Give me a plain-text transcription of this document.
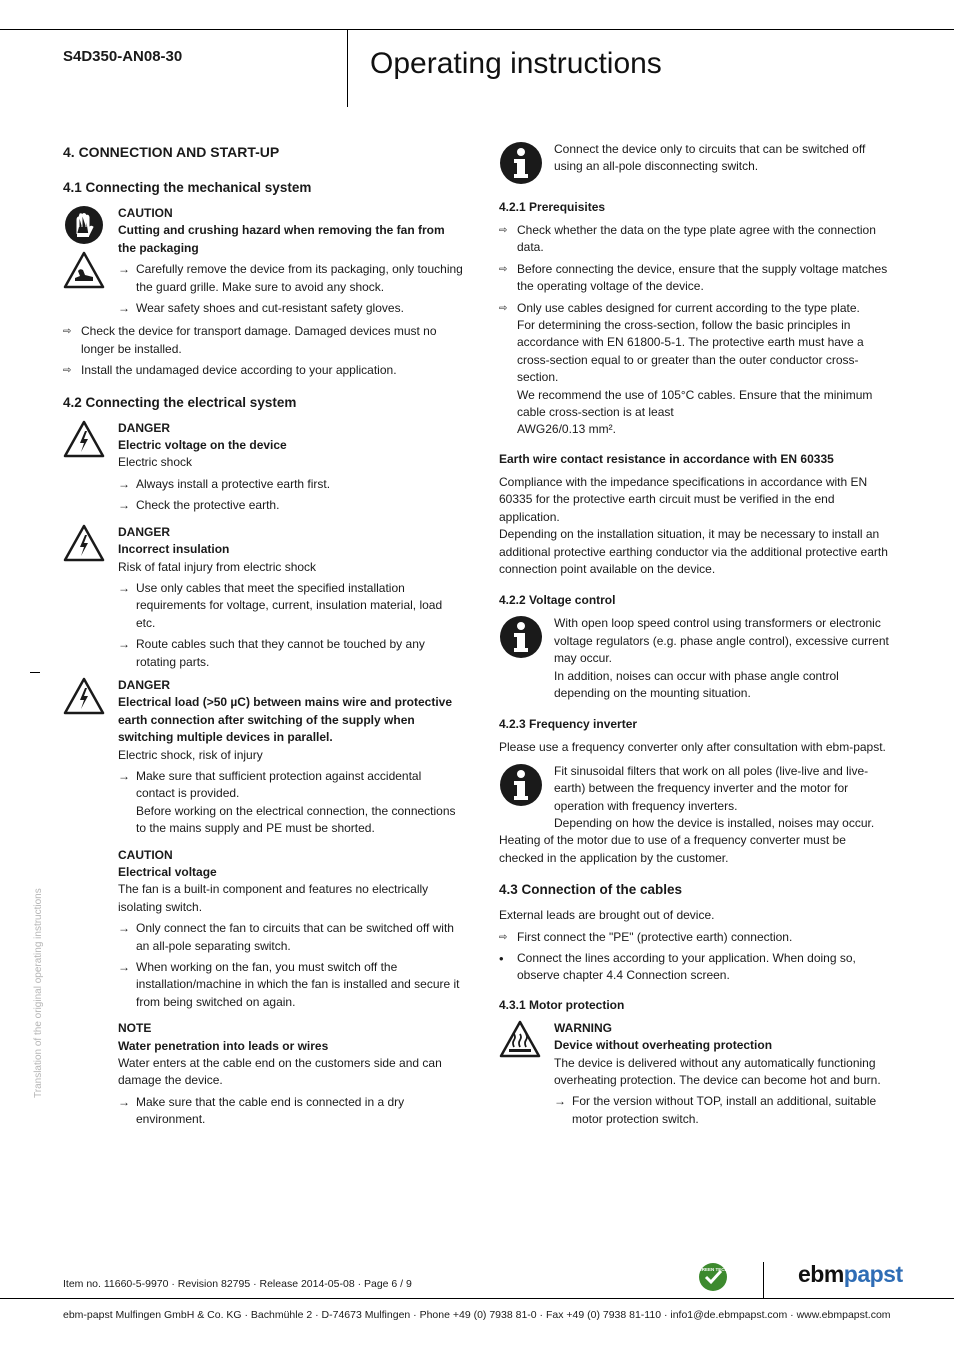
S4D350-AN08-30	Operating instructions
4. CONNECTION AND START-UP
4.1 Connecting the mechanical system
CAUTION
Cutting and crushing hazard when removing the fan from the packaging
→ Carefully remove the device from its packaging, only touching the guard grille. Make sure to avoid any shock.
→ Wear safety shoes and cut-resistant safety gloves.
⇨ Check the device for transport damage. Damaged devices must no longer be installed.
⇨ Install the undamaged device according to your application.
4.2 Connecting the electrical system
DANGER
Electric voltage on the device
Electric shock
→ Always install a protective earth first.
→ Check the protective earth.
DANGER
Incorrect insulation
Risk of fatal injury from electric shock
→ Use only cables that meet the specified installation requirements for voltage, current, insulation material, load etc.
→ Route cables such that they cannot be touched by any rotating parts.
DANGER
Electrical load (>50 µC) between mains wire and protective earth connection after switching of the supply when switching multiple devices in parallel.
Electric shock, risk of injury
→ Make sure that sufficient protection against accidental contact is provided.
Before working on the electrical connection, the connections to the mains supply and PE must be shorted.
CAUTION
Electrical voltage
The fan is a built-in component and features no electrically isolating switch.
→ Only connect the fan to circuits that can be switched off with an all-pole separating switch.
→ When working on the fan, you must switch off the installation/machine in which the fan is installed and secure it from being switched on again.
NOTE
Water penetration into leads or wires
Water enters at the cable end on the customers side and can damage the device.
→ Make sure that the cable end is connected in a dry environment.
Connect the device only to circuits that can be switched off using an all-pole disconnecting switch.
4.2.1 Prerequisites
⇨ Check whether the data on the type plate agree with the connection data.
⇨ Before connecting the device, ensure that the supply voltage matches the operating voltage of the device.
⇨ Only use cables designed for current according to the type plate.
For determining the cross-section, follow the basic principles in accordance with EN 61800-5-1. The protective earth must have a cross-section equal to or greater than the outer conductor cross-section.
We recommend the use of 105°C cables. Ensure that the minimum cable cross-section is at least
AWG26/0.13 mm².
Earth wire contact resistance in accordance with EN 60335
Compliance with the impedance specifications in accordance with EN 60335 for the protective earth circuit must be verified in the end application.
Depending on the installation situation, it may be necessary to install an additional protective earthing conductor via the additional protective earth connection point available on the device.
4.2.2 Voltage control
With open loop speed control using transformers or electronic voltage regulators (e.g. phase angle control), excessive current may occur.
In addition, noises can occur with phase angle control depending on the mounting situation.
4.2.3 Frequency inverter
Please use a frequency converter only after consultation with ebm-papst.
Fit sinusoidal filters that work on all poles (live-live and live-earth) between the frequency inverter and the motor for operation with frequency inverters.
Depending on how the device is installed, noises may occur.
Heating of the motor due to use of a frequency converter must be checked in the application by the customer.
4.3 Connection of the cables
External leads are brought out of device.
⇨ First connect the "PE" (protective earth) connection.
•	Connect the lines according to your application. When doing so, observe chapter 4.4 Connection screen.
4.3.1 Motor protection
WARNING
Device without overheating protection
The device is delivered without any automatically functioning overheating protection. The device can become hot and burn.
→ For the version without TOP, install an additional, suitable motor protection switch.
Translation of the original operating instructions
Item no. 11660-5-9970 · Revision 82795 · Release 2014-05-08 · Page 6 / 9
GREEN TECH	ebmpapst
ebm-papst Mulfingen GmbH & Co. KG · Bachmühle 2 · D-74673 Mulfingen · Phone +49 (0) 7938 81-0 · Fax +49 (0) 7938 81-110 · info1@de.ebmpapst.com · www.ebmpapst.com
